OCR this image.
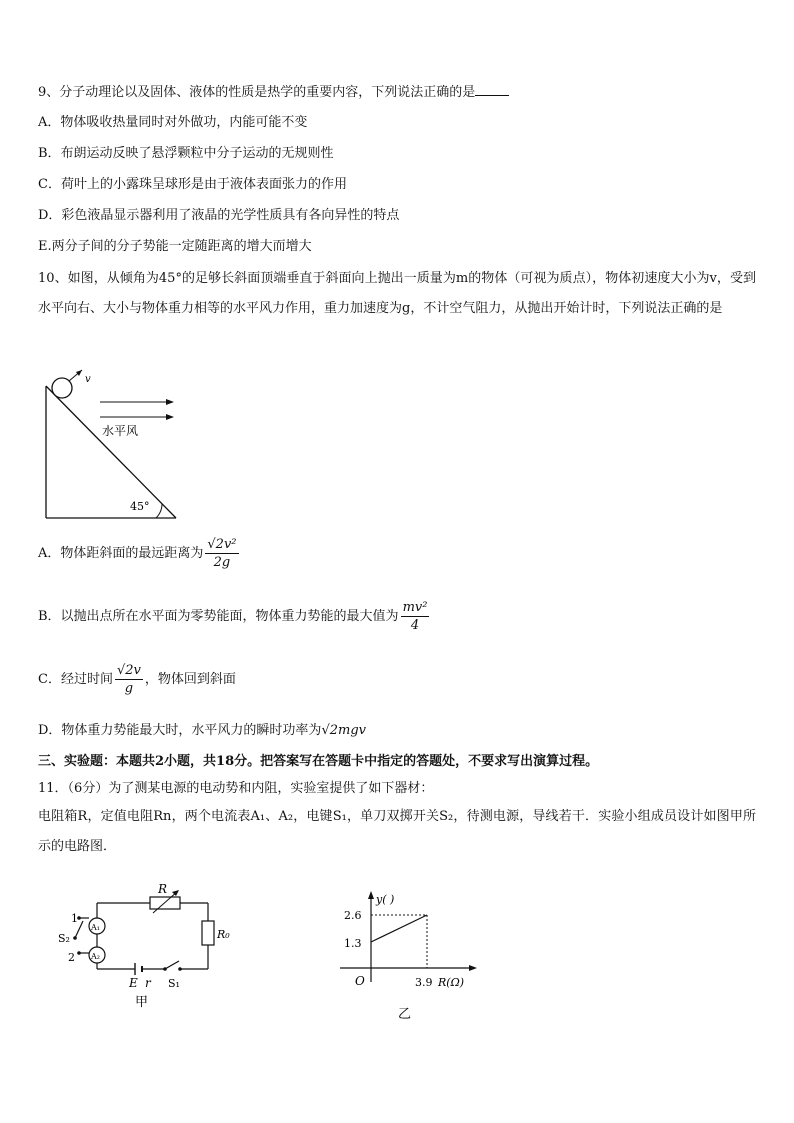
9、分子动理论以及固体、液体的性质是热学的重要内容，下列说法正确的是
A．物体吸收热量同时对外做功，内能可能不变
B．布朗运动反映了悬浮颗粒中分子运动的无规则性
C．荷叶上的小露珠呈球形是由于液体表面张力的作用
D．彩色液晶显示器利用了液晶的光学性质具有各向异性的特点
E.两分子间的分子势能一定随距离的增大而增大
10、如图，从倾角为45°的足够长斜面顶端垂直于斜面向上抛出一质量为m的物体（可视为质点），物体初速度大小为v，受到水平向右、大小与物体重力相等的水平风力作用，重力加速度为g，不计空气阻力，从抛出开始计时，下列说法正确的是
v
水平风
45°
A．物体距斜面的最远距离为 $\frac{\text{√2v²}}{2g}$
B．以抛出点所在水平面为零势能面，物体重力势能的最大值为 $\frac{\text{mv²}}{4}$
C．经过时间 $\frac{√2v}{g}$ ，物体回到斜面
D．物体重力势能最大时，水平风力的瞬时功率为√2mgv
三、实验题：本题共2小题，共18分。把答案写在答题卡中指定的答题处，不要求写出演算过程。
11．（6分）为了测某电源的电动势和内阻，实验室提供了如下器材：
电阻箱R，定值电阻Rn，两个电流表A₁、A₂，电键S₁，单刀双掷开关S₂，待测电源，导线若干．实验小组成员设计如图甲所示的电路图．
R
R₀
A₁
A₂
1
2
S₂
E r S₁
甲
y( )
2.6
1.3
O	3.9 R(Ω)
乙
